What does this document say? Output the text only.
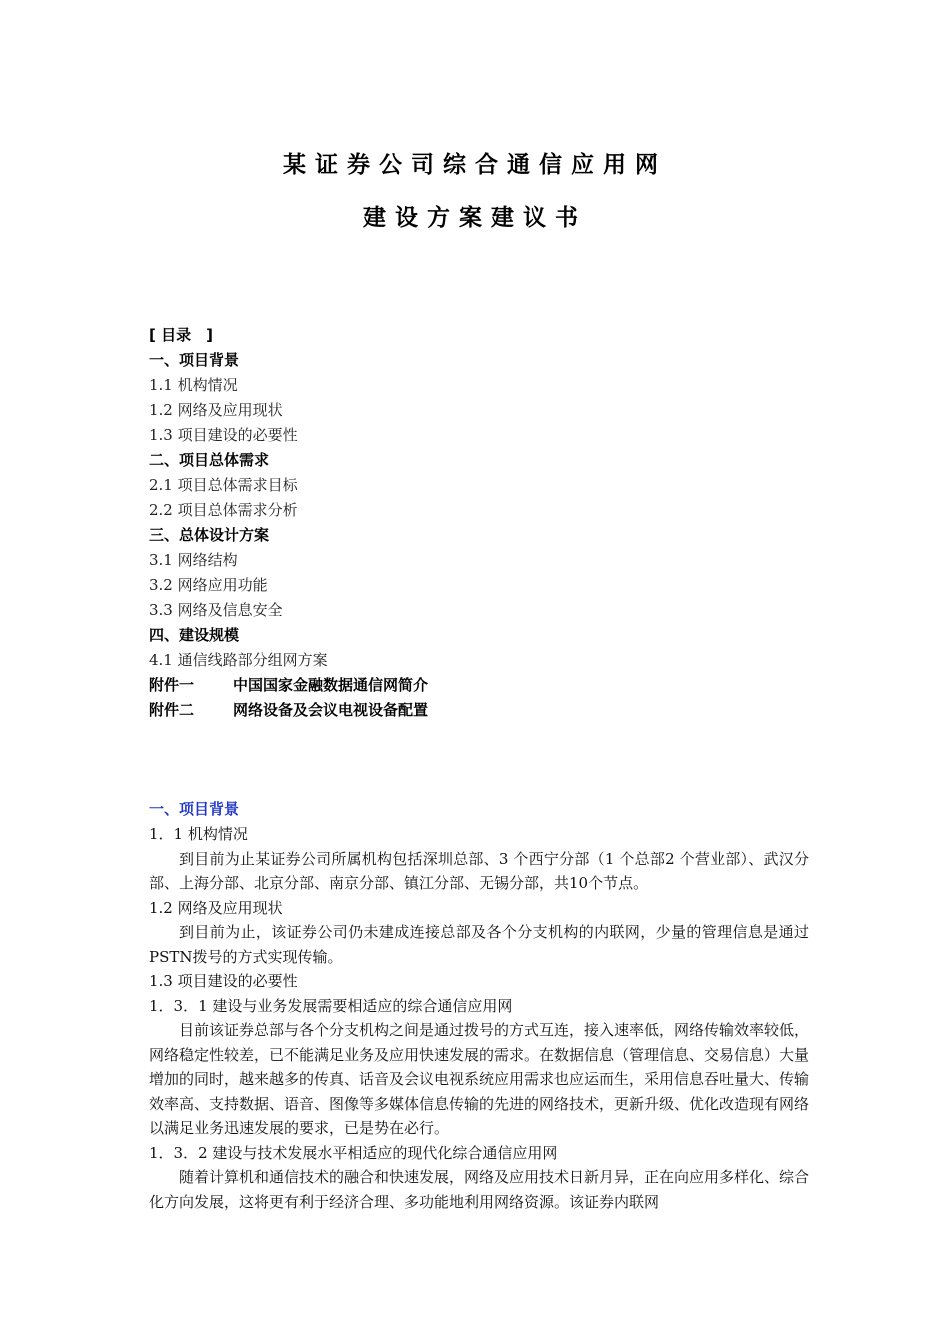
某证券公司综合通信应用网
建设方案建议书
[ 目录　]
一、项目背景
1.1 机构情况
1.2 网络及应用现状
1.3 项目建设的必要性
二、项目总体需求
2.1 项目总体需求目标
2.2 项目总体需求分析
三、总体设计方案
3.1 网络结构
3.2 网络应用功能
3.3 网络及信息安全
四、建设规模
4.1 通信线路部分组网方案
附件一	中国国家金融数据通信网简介
附件二	网络设备及会议电视设备配置
一、项目背景
1．1 机构情况

到目前为止某证券公司所属机构包括深圳总部、3 个西宁分部（1 个总部2 个营业部）、武汉分部、上海分部、北京分部、南京分部、镇江分部、无锡分部，共10个节点。

1.2 网络及应用现状

到目前为止，该证券公司仍未建成连接总部及各个分支机构的内联网，少量的管理信息是通过PSTN拨号的方式实现传输。

1.3 项目建设的必要性
1．3．1 建设与业务发展需要相适应的综合通信应用网

目前该证券总部与各个分支机构之间是通过拨号的方式互连，接入速率低，网络传输效率较低，网络稳定性较差，已不能满足业务及应用快速发展的需求。在数据信息（管理信息、交易信息）大量增加的同时，越来越多的传真、话音及会议电视系统应用需求也应运而生，采用信息吞吐量大、传输效率高、支持数据、语音、图像等多媒体信息传输的先进的网络技术，更新升级、优化改造现有网络以满足业务迅速发展的要求，已是势在必行。

1．3．2 建设与技术发展水平相适应的现代化综合通信应用网

随着计算机和通信技术的融合和快速发展，网络及应用技术日新月异，正在向应用多样化、综合化方向发展，这将更有利于经济合理、多功能地利用网络资源。该证券内联网
